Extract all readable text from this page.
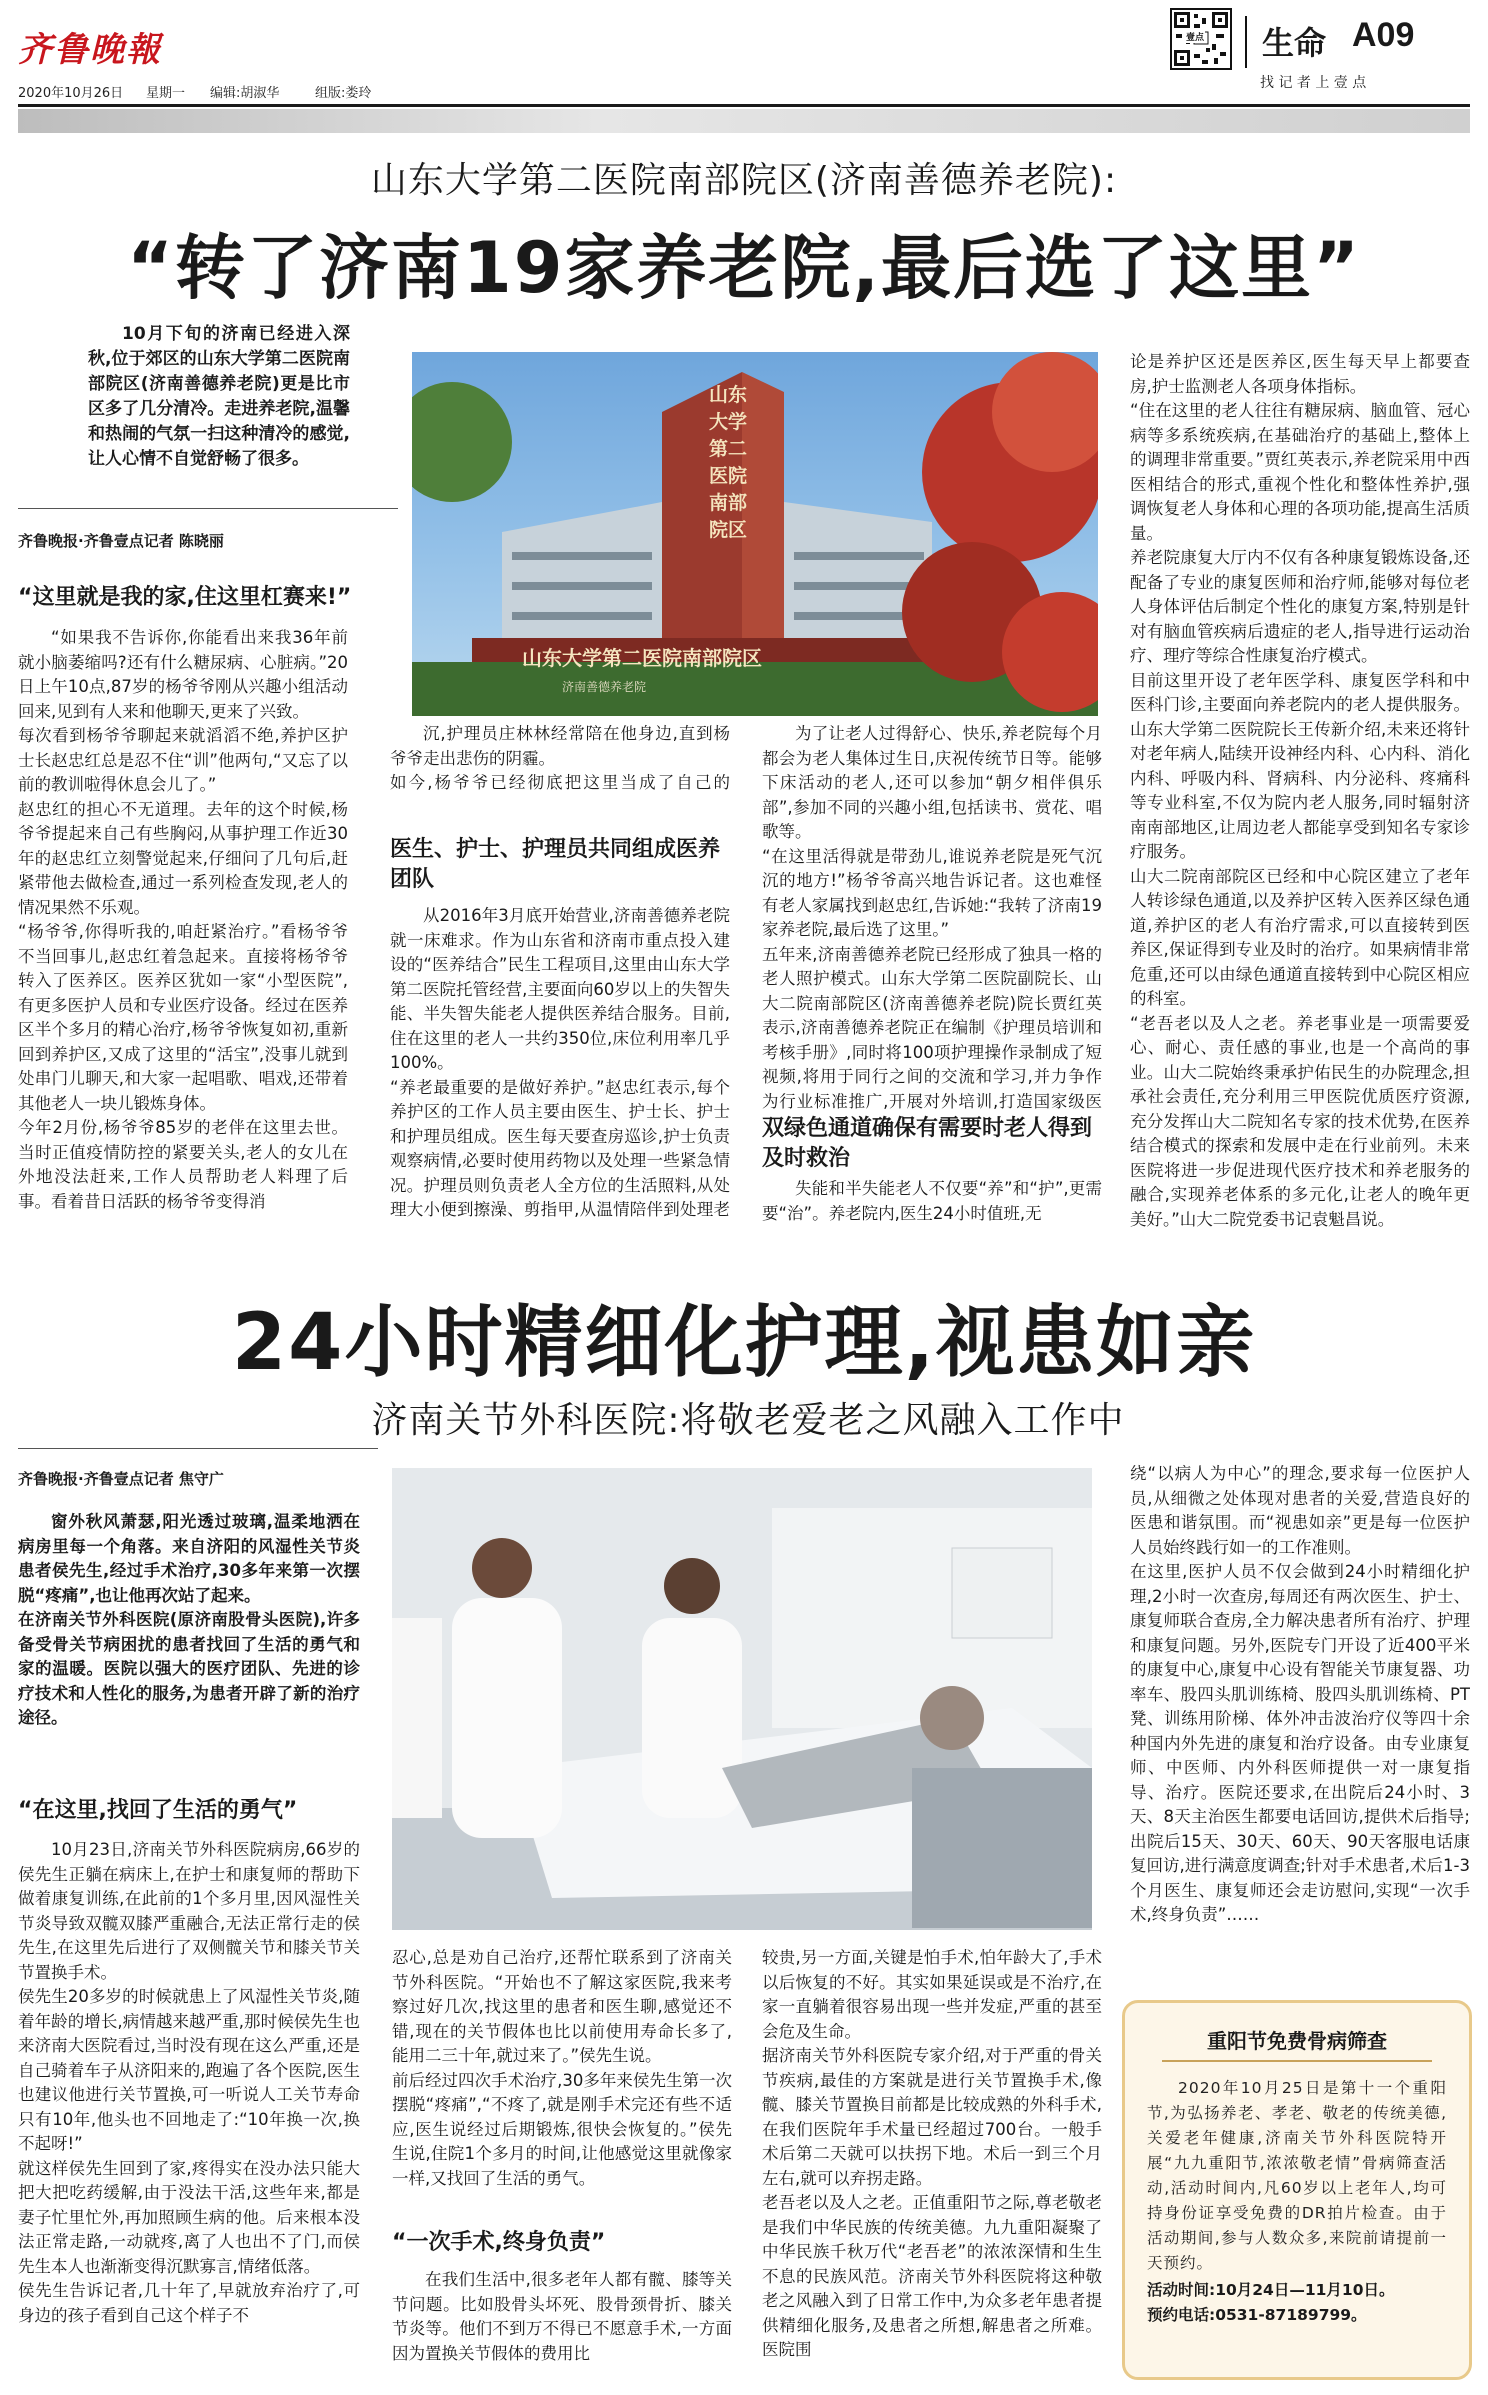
齐鲁晚報
2020年10月26日 星期一 编辑:胡淑华	组版:娄玲
壹点 生命 A09
找 记 者 上 壹 点
山东大学第二医院南部院区(济南善德养老院):
“转了济南19家养老院,最后选了这里”
10月下旬的济南已经进入深秋,位于郊区的山东大学第二医院南部院区(济南善德养老院)更是比市区多了几分清冷。走进养老院,温馨和热闹的气氛一扫这种清冷的感觉,让人心情不自觉舒畅了很多。
齐鲁晚报·齐鲁壹点记者 陈晓丽
山东大学第二医院南部院区
山东大学第二医院南部院区
济南善德养老院
“这里就是我的家,住这里杠赛来!”
“如果我不告诉你,你能看出来我36年前就小脑萎缩吗?还有什么糖尿病、心脏病。”20日上午10点,87岁的杨爷爷刚从兴趣小组活动回来,见到有人来和他聊天,更来了兴致。
每次看到杨爷爷聊起来就滔滔不绝,养护区护士长赵忠红总是忍不住“训”他两句,“又忘了以前的教训啦得休息会儿了。”
赵忠红的担心不无道理。去年的这个时候,杨爷爷提起来自己有些胸闷,从事护理工作近30年的赵忠红立刻警觉起来,仔细问了几句后,赶紧带他去做检查,通过一系列检查发现,老人的情况果然不乐观。
“杨爷爷,你得听我的,咱赶紧治疗。”看杨爷爷不当回事儿,赵忠红着急起来。直接将杨爷爷转入了医养区。医养区犹如一家“小型医院”,有更多医护人员和专业医疗设备。经过在医养区半个多月的精心治疗,杨爷爷恢复如初,重新回到养护区,又成了这里的“活宝”,没事儿就到处串门儿聊天,和大家一起唱歌、唱戏,还带着其他老人一块儿锻炼身体。
今年2月份,杨爷爷85岁的老伴在这里去世。当时正值疫情防控的紧要关头,老人的女儿在外地没法赶来,工作人员帮助老人料理了后事。看着昔日活跃的杨爷爷变得消
沉,护理员庄林林经常陪在他身边,直到杨爷爷走出悲伤的阴霾。
如今,杨爷爷已经彻底把这里当成了自己的
医生、护士、护理员共同组成医养团队
从2016年3月底开始营业,济南善德养老院就一床难求。作为山东省和济南市重点投入建设的“医养结合”民生工程项目,这里由山东大学第二医院托管经营,主要面向60岁以上的失智失能、半失智失能老人提供医养结合服务。目前,住在这里的老人一共约350位,床位利用率几乎100%。
“养老最重要的是做好养护。”赵忠红表示,每个养护区的工作人员主要由医生、护士长、护士和护理员组成。医生每天要查房巡诊,护士负责观察病情,必要时使用药物以及处理一些紧急情况。护理员则负责老人全方位的生活照料,从处理大小便到擦澡、剪指甲,从温情陪伴到处理老
为了让老人过得舒心、快乐,养老院每个月都会为老人集体过生日,庆祝传统节日等。能够下床活动的老人,还可以参加“朝夕相伴俱乐部”,参加不同的兴趣小组,包括读书、赏花、唱歌等。
“在这里活得就是带劲儿,谁说养老院是死气沉沉的地方!”杨爷爷高兴地告诉记者。这也难怪有老人家属找到赵忠红,告诉她:“我转了济南19家养老院,最后选了这里。”
五年来,济南善德养老院已经形成了独具一格的老人照护模式。山东大学第二医院副院长、山大二院南部院区(济南善德养老院)院长贾红英表示,济南善德养老院正在编制《护理员培训和考核手册》,同时将100项护理操作录制成了短视频,将用于同行之间的交流和学习,并力争作为行业标准推广,开展对外培训,打造国家级医
双绿色通道确保有需要时老人得到及时救治
失能和半失能老人不仅要“养”和“护”,更需要“治”。养老院内,医生24小时值班,无
论是养护区还是医养区,医生每天早上都要查房,护士监测老人各项身体指标。
“住在这里的老人往往有糖尿病、脑血管、冠心病等多系统疾病,在基础治疗的基础上,整体上的调理非常重要。”贾红英表示,养老院采用中西医相结合的形式,重视个性化和整体性养护,强调恢复老人身体和心理的各项功能,提高生活质量。
养老院康复大厅内不仅有各种康复锻炼设备,还配备了专业的康复医师和治疗师,能够对每位老人身体评估后制定个性化的康复方案,特别是针对有脑血管疾病后遗症的老人,指导进行运动治疗、理疗等综合性康复治疗模式。
目前这里开设了老年医学科、康复医学科和中医科门诊,主要面向养老院内的老人提供服务。山东大学第二医院院长王传新介绍,未来还将针对老年病人,陆续开设神经内科、心内科、消化内科、呼吸内科、肾病科、内分泌科、疼痛科等专业科室,不仅为院内老人服务,同时辐射济南南部地区,让周边老人都能享受到知名专家诊疗服务。
山大二院南部院区已经和中心院区建立了老年人转诊绿色通道,以及养护区转入医养区绿色通道,养护区的老人有治疗需求,可以直接转到医养区,保证得到专业及时的治疗。如果病情非常危重,还可以由绿色通道直接转到中心院区相应的科室。
“老吾老以及人之老。养老事业是一项需要爱心、耐心、责任感的事业,也是一个高尚的事业。山大二院始终秉承护佑民生的办院理念,担承社会责任,充分利用三甲医院优质医疗资源,充分发挥山大二院知名专家的技术优势,在医养结合模式的探索和发展中走在行业前列。未来医院将进一步促进现代医疗技术和养老服务的融合,实现养老体系的多元化,让老人的晚年更美好。”山大二院党委书记袁魁昌说。
24小时精细化护理,视患如亲
济南关节外科医院:将敬老爱老之风融入工作中
齐鲁晚报·齐鲁壹点记者 焦守广
窗外秋风萧瑟,阳光透过玻璃,温柔地洒在病房里每一个角落。来自济阳的风湿性关节炎患者侯先生,经过手术治疗,30多年来第一次摆脱“疼痛”,也让他再次站了起来。
在济南关节外科医院(原济南股骨头医院),许多备受骨关节病困扰的患者找回了生活的勇气和家的温暖。医院以强大的医疗团队、先进的诊疗技术和人性化的服务,为患者开辟了新的治疗途径。
“在这里,找回了生活的勇气”
10月23日,济南关节外科医院病房,66岁的侯先生正躺在病床上,在护士和康复师的帮助下做着康复训练,在此前的1个多月里,因风湿性关节炎导致双髋双膝严重融合,无法正常行走的侯先生,在这里先后进行了双侧髋关节和膝关节关节置换手术。
侯先生20多岁的时候就患上了风湿性关节炎,随着年龄的增长,病情越来越严重,那时候侯先生也来济南大医院看过,当时没有现在这么严重,还是自己骑着车子从济阳来的,跑遍了各个医院,医生也建议他进行关节置换,可一听说人工关节寿命只有10年,他头也不回地走了:“10年换一次,换不起呀!”
就这样侯先生回到了家,疼得实在没办法只能大把大把吃药缓解,由于没法干活,这些年来,都是妻子忙里忙外,再加照顾生病的他。后来根本没法正常走路,一动就疼,离了人也出不了门,而侯先生本人也渐渐变得沉默寡言,情绪低落。
侯先生告诉记者,几十年了,早就放弃治疗了,可身边的孩子看到自己这个样子不
忍心,总是劝自己治疗,还帮忙联系到了济南关节外科医院。“开始也不了解这家医院,我来考察过好几次,找这里的患者和医生聊,感觉还不错,现在的关节假体也比以前使用寿命长多了,能用二三十年,就过来了。”侯先生说。
前后经过四次手术治疗,30多年来侯先生第一次摆脱“疼痛”,“不疼了,就是刚手术完还有些不适应,医生说经过后期锻炼,很快会恢复的。”侯先生说,住院1个多月的时间,让他感觉这里就像家一样,又找回了生活的勇气。
“一次手术,终身负责”
在我们生活中,很多老年人都有髋、膝等关节问题。比如股骨头坏死、股骨颈骨折、膝关节炎等。他们不到万不得已不愿意手术,一方面因为置换关节假体的费用比
较贵,另一方面,关键是怕手术,怕年龄大了,手术以后恢复的不好。其实如果延误或是不治疗,在家一直躺着很容易出现一些并发症,严重的甚至会危及生命。
据济南关节外科医院专家介绍,对于严重的骨关节疾病,最佳的方案就是进行关节置换手术,像髋、膝关节置换目前都是比较成熟的外科手术,在我们医院年手术量已经超过700台。一般手术后第二天就可以扶拐下地。术后一到三个月左右,就可以弃拐走路。
老吾老以及人之老。正值重阳节之际,尊老敬老是我们中华民族的传统美德。九九重阳凝聚了中华民族千秋万代“老吾老”的浓浓深情和生生不息的民族风范。济南关节外科医院将这种敬老之风融入到了日常工作中,为众多老年患者提供精细化服务,及患者之所想,解患者之所难。医院围
绕“以病人为中心”的理念,要求每一位医护人员,从细微之处体现对患者的关爱,营造良好的医患和谐氛围。而“视患如亲”更是每一位医护人员始终践行如一的工作准则。
在这里,医护人员不仅会做到24小时精细化护理,2小时一次查房,每周还有两次医生、护士、康复师联合查房,全力解决患者所有治疗、护理和康复问题。另外,医院专门开设了近400平米的康复中心,康复中心设有智能关节康复器、功率车、股四头肌训练椅、股四头肌训练椅、PT凳、训练用阶梯、体外冲击波治疗仪等四十余种国内外先进的康复和治疗设备。由专业康复师、中医师、内外科医师提供一对一康复指导、治疗。医院还要求,在出院后24小时、3天、8天主治医生都要电话回访,提供术后指导;出院后15天、30天、60天、90天客服电话康复回访,进行满意度调查;针对手术患者,术后1-3个月医生、康复师还会走访慰问,实现“一次手术,终身负责”……
重阳节免费骨病筛查
2020年10月25日是第十一个重阳节,为弘扬养老、孝老、敬老的传统美德,关爱老年健康,济南关节外科医院特开展“九九重阳节,浓浓敬老情”骨病筛查活动,活动时间内,凡60岁以上老年人,均可持身份证享受免费的DR拍片检查。由于活动期间,参与人数众多,来院前请提前一天预约。
活动时间:10月24日—11月10日。
预约电话:0531-87189799。
